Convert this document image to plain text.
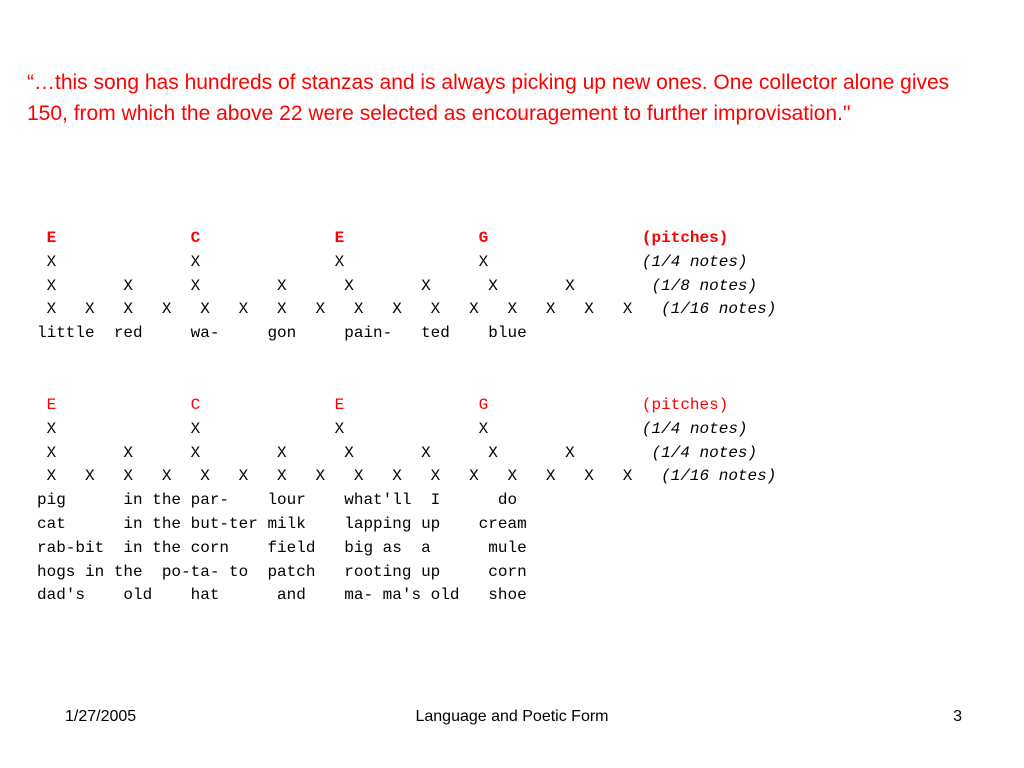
“…this song has hundreds of stanzas and is always picking up new ones. One collector alone gives 150, from which the above 22 were selected as encouragement to further improvisation."
E              C              E              G	(pitches)
X              X              X              X	(1/4 notes)
X       X      X        X      X       X      X       X	(1/8 notes)
X   X   X   X   X   X   X   X   X   X   X   X   X   X   X   X (1/16 notes)
little  red     wa-     gon     pain-   ted    blue
E              C              E              G	(pitches)
X              X              X              X	(1/4 notes)
X       X      X        X      X       X      X       X	(1/4 notes)
X   X   X   X   X   X   X   X   X   X   X   X   X   X   X   X (1/16 notes)
pig      in the par-    lour    what'll  I      do
cat      in the but-ter milk    lapping up    cream
rab-bit  in the corn    field   big as  a      mule
hogs in the  po-ta- to  patch   rooting up     corn
dad's    old    hat      and    ma- ma's old   shoe
1/27/2005	Language and Poetic Form	3
